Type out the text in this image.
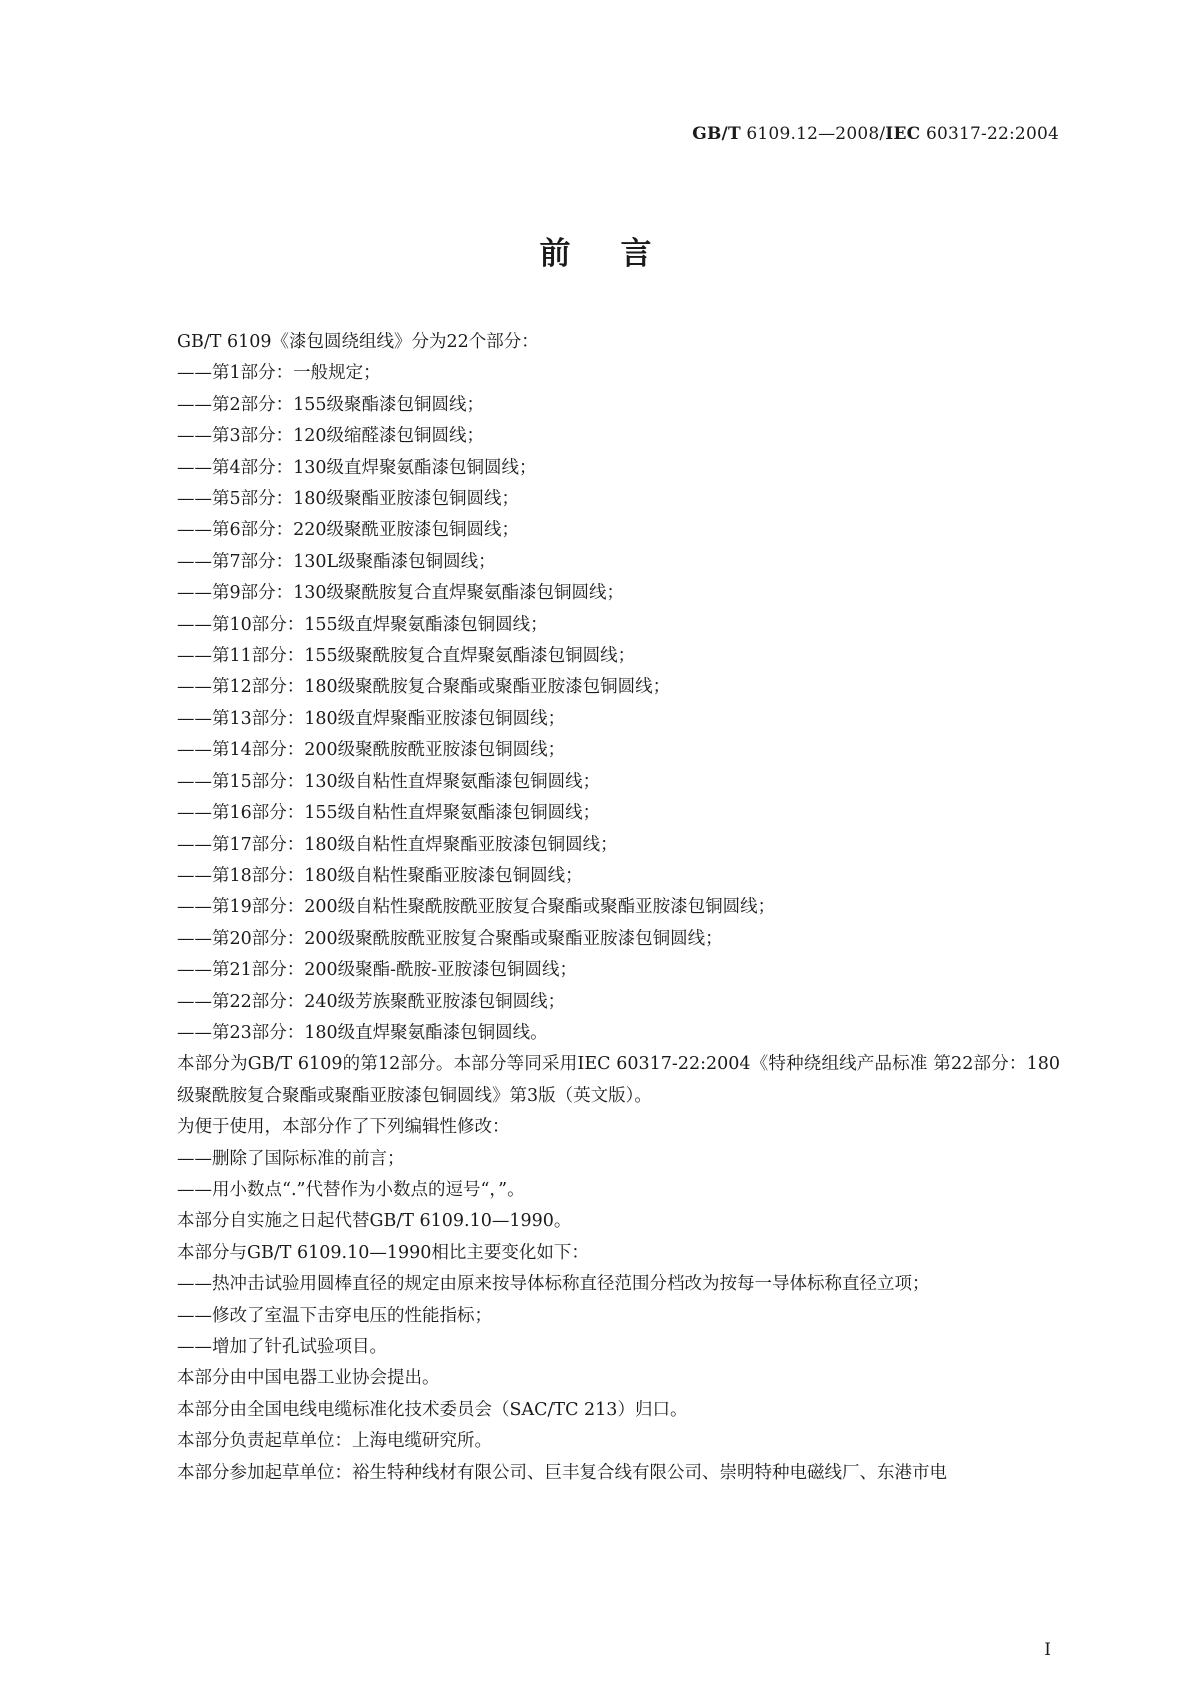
GB/T 6109.12—2008/IEC 60317-22:2004
前言

GB/T 6109《漆包圆绕组线》分为22个部分：

——第1部分：一般规定；

——第2部分：155级聚酯漆包铜圆线；

——第3部分：120级缩醛漆包铜圆线；

——第4部分：130级直焊聚氨酯漆包铜圆线；

——第5部分：180级聚酯亚胺漆包铜圆线；

——第6部分：220级聚酰亚胺漆包铜圆线；

——第7部分：130L级聚酯漆包铜圆线；

——第9部分：130级聚酰胺复合直焊聚氨酯漆包铜圆线；

——第10部分：155级直焊聚氨酯漆包铜圆线；

——第11部分：155级聚酰胺复合直焊聚氨酯漆包铜圆线；

——第12部分：180级聚酰胺复合聚酯或聚酯亚胺漆包铜圆线；

——第13部分：180级直焊聚酯亚胺漆包铜圆线；

——第14部分：200级聚酰胺酰亚胺漆包铜圆线；

——第15部分：130级自粘性直焊聚氨酯漆包铜圆线；

——第16部分：155级自粘性直焊聚氨酯漆包铜圆线；

——第17部分：180级自粘性直焊聚酯亚胺漆包铜圆线；

——第18部分：180级自粘性聚酯亚胺漆包铜圆线；

——第19部分：200级自粘性聚酰胺酰亚胺复合聚酯或聚酯亚胺漆包铜圆线；

——第20部分：200级聚酰胺酰亚胺复合聚酯或聚酯亚胺漆包铜圆线；

——第21部分：200级聚酯-酰胺-亚胺漆包铜圆线；

——第22部分：240级芳族聚酰亚胺漆包铜圆线；

——第23部分：180级直焊聚氨酯漆包铜圆线。

本部分为GB/T 6109的第12部分。本部分等同采用IEC 60317-22:2004《特种绕组线产品标准 第22部分：180级聚酰胺复合聚酯或聚酯亚胺漆包铜圆线》第3版（英文版）。

为便于使用，本部分作了下列编辑性修改：

——删除了国际标准的前言；

——用小数点“.”代替作为小数点的逗号“，”。

本部分自实施之日起代替GB/T 6109.10—1990。

本部分与GB/T 6109.10—1990相比主要变化如下：

——热冲击试验用圆棒直径的规定由原来按导体标称直径范围分档改为按每一导体标称直径立项；

——修改了室温下击穿电压的性能指标；

——增加了针孔试验项目。

本部分由中国电器工业协会提出。

本部分由全国电线电缆标准化技术委员会（SAC/TC 213）归口。

本部分负责起草单位：上海电缆研究所。

本部分参加起草单位：裕生特种线材有限公司、巨丰复合线有限公司、崇明特种电磁线厂、东港市电

I
